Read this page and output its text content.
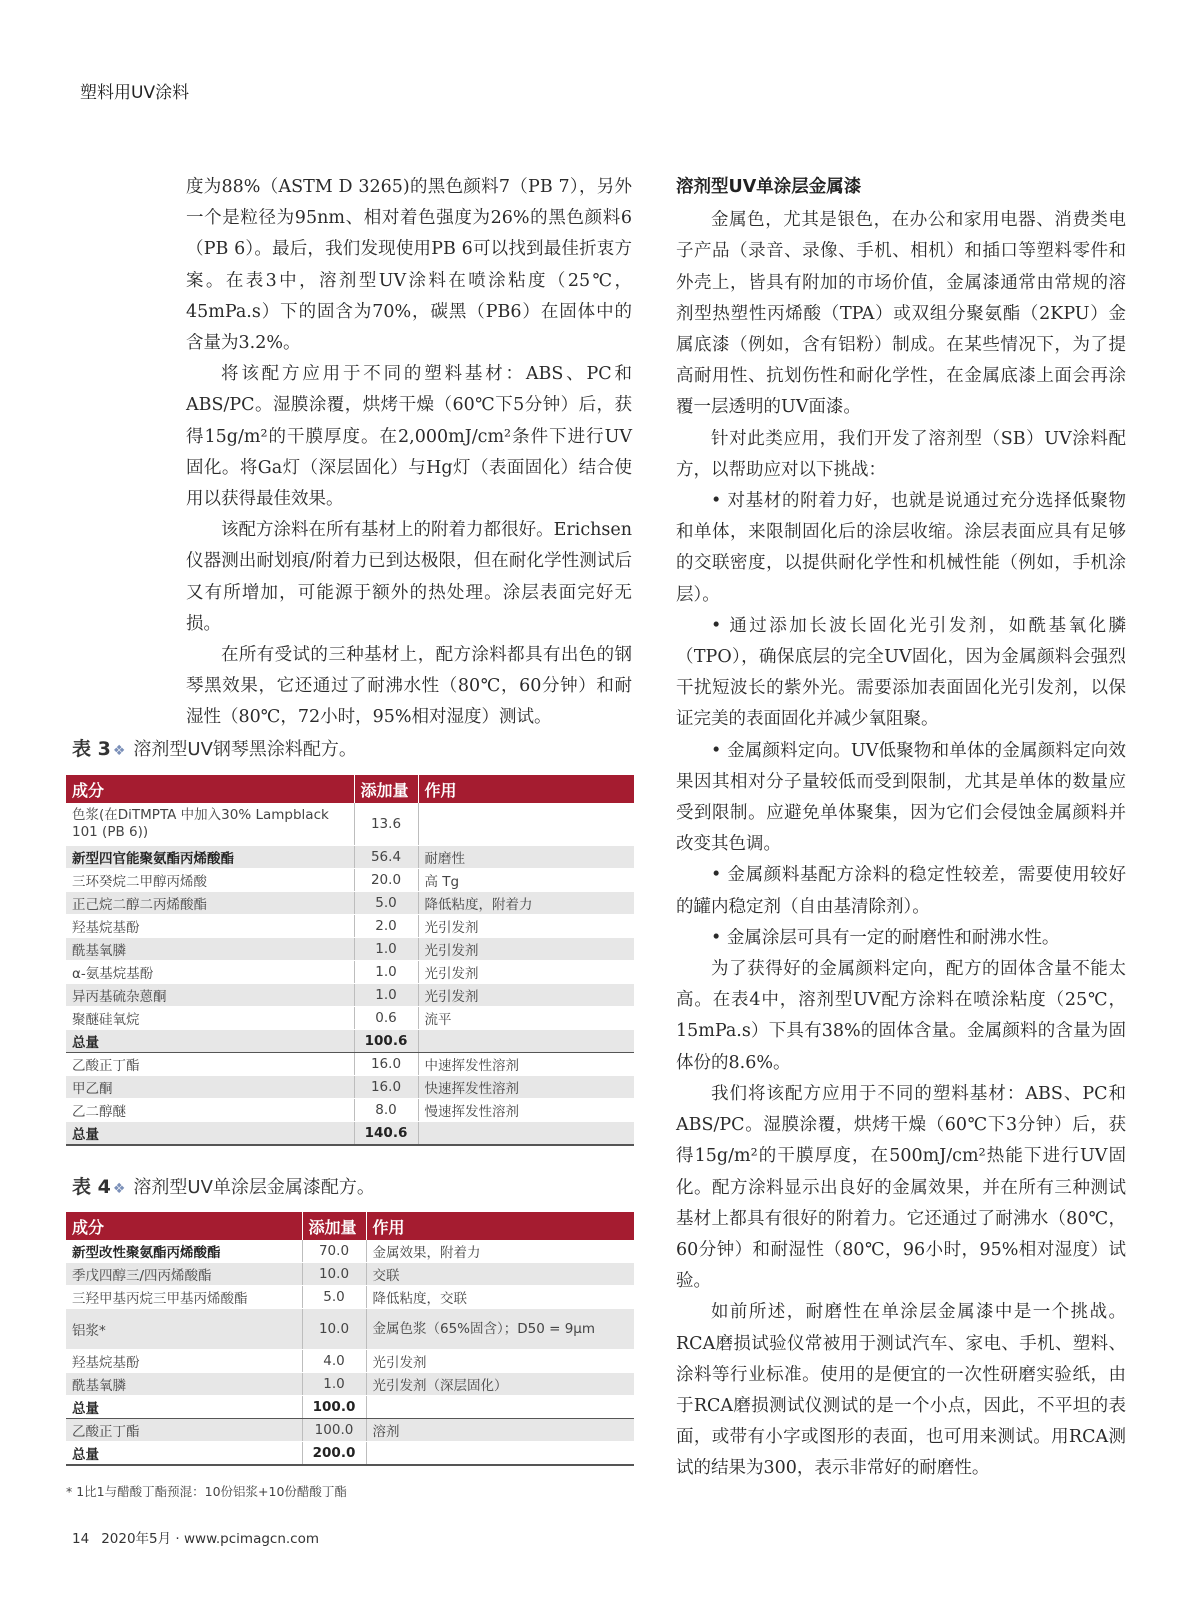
塑料用UV涂料

度为88%（ASTM D 3265)的黑色颜料7（PB 7），另外一个是粒径为95nm、相对着色强度为26%的黑色颜料6（PB 6）。最后，我们发现使用PB 6可以找到最佳折衷方案。在表3中，溶剂型UV涂料在喷涂粘度（25℃，45mPa.s）下的固含为70%，碳黑（PB6）在固体中的含量为3.2%。

将该配方应用于不同的塑料基材：ABS、PC和ABS/PC。湿膜涂覆，烘烤干燥（60℃下5分钟）后，获得15g/m²的干膜厚度。在2,000mJ/cm²条件下进行UV固化。将Ga灯（深层固化）与Hg灯（表面固化）结合使用以获得最佳效果。

该配方涂料在所有基材上的附着力都很好。Erichsen仪器测出耐划痕/附着力已到达极限，但在耐化学性测试后又有所增加，可能源于额外的热处理。涂层表面完好无损。

在所有受试的三种基材上，配方涂料都具有出色的钢琴黑效果，它还通过了耐沸水性（80℃，60分钟）和耐湿性（80℃，72小时，95%相对湿度）测试。

表 3 ❖ 溶剂型UV钢琴黑涂料配方。
成分	添加量	作用
色浆(在DiTMPTA 中加入30% Lampblack 101 (PB 6))	13.6	
新型四官能聚氨酯丙烯酸酯	56.4	耐磨性
三环癸烷二甲醇丙烯酸	20.0	高 Tg
正己烷二醇二丙烯酸酯	5.0	降低粘度，附着力
羟基烷基酚	2.0	光引发剂
酰基氧膦	1.0	光引发剂
α-氨基烷基酚	1.0	光引发剂
异丙基硫杂蒽酮	1.0	光引发剂
聚醚硅氧烷	0.6	流平
总量	100.6	
乙酸正丁酯	16.0	中速挥发性溶剂
甲乙酮	16.0	快速挥发性溶剂
乙二醇醚	8.0	慢速挥发性溶剂
总量	140.6	
表 4 ❖ 溶剂型UV单涂层金属漆配方。
成分	添加量	作用
新型改性聚氨酯丙烯酸酯	70.0	金属效果，附着力
季戊四醇三/四丙烯酸酯	10.0	交联
三羟甲基丙烷三甲基丙烯酸酯	5.0	降低粘度，交联
铝浆*	10.0	金属色浆（65%固含）；D50 = 9μm
羟基烷基酚	4.0	光引发剂
酰基氧膦	1.0	光引发剂（深层固化）
总量	100.0	
乙酸正丁酯	100.0	溶剂
总量	200.0	
* 1比1与醋酸丁酯预混：10份铝浆+10份醋酸丁酯
溶剂型UV单涂层金属漆

金属色，尤其是银色，在办公和家用电器、消费类电子产品（录音、录像、手机、相机）和插口等塑料零件和外壳上，皆具有附加的市场价值，金属漆通常由常规的溶剂型热塑性丙烯酸（TPA）或双组分聚氨酯（2KPU）金属底漆（例如，含有铝粉）制成。在某些情况下，为了提高耐用性、抗划伤性和耐化学性，在金属底漆上面会再涂覆一层透明的UV面漆。

针对此类应用，我们开发了溶剂型（SB）UV涂料配方，以帮助应对以下挑战：

• 对基材的附着力好，也就是说通过充分选择低聚物和单体，来限制固化后的涂层收缩。涂层表面应具有足够的交联密度，以提供耐化学性和机械性能（例如，手机涂层）。

• 通过添加长波长固化光引发剂，如酰基氧化膦（TPO），确保底层的完全UV固化，因为金属颜料会强烈干扰短波长的紫外光。需要添加表面固化光引发剂，以保证完美的表面固化并减少氧阻聚。

• 金属颜料定向。UV低聚物和单体的金属颜料定向效果因其相对分子量较低而受到限制，尤其是单体的数量应受到限制。应避免单体聚集，因为它们会侵蚀金属颜料并改变其色调。

• 金属颜料基配方涂料的稳定性较差，需要使用较好的罐内稳定剂（自由基清除剂）。

• 金属涂层可具有一定的耐磨性和耐沸水性。

为了获得好的金属颜料定向，配方的固体含量不能太高。在表4中，溶剂型UV配方涂料在喷涂粘度（25℃，15mPa.s）下具有38%的固体含量。金属颜料的含量为固体份的8.6%。

我们将该配方应用于不同的塑料基材：ABS、PC和ABS/PC。湿膜涂覆，烘烤干燥（60℃下3分钟）后，获得15g/m²的干膜厚度，在500mJ/cm²热能下进行UV固化。配方涂料显示出良好的金属效果，并在所有三种测试基材上都具有很好的附着力。它还通过了耐沸水（80℃，60分钟）和耐湿性（80℃，96小时，95%相对湿度）试验。

如前所述，耐磨性在单涂层金属漆中是一个挑战。RCA磨损试验仪常被用于测试汽车、家电、手机、塑料、涂料等行业标准。使用的是便宜的一次性研磨实验纸，由于RCA磨损测试仪测试的是一个小点，因此，不平坦的表面，或带有小字或图形的表面，也可用来测试。用RCA测试的结果为300，表示非常好的耐磨性。

14 2020年5月 · www.pcimagcn.com
